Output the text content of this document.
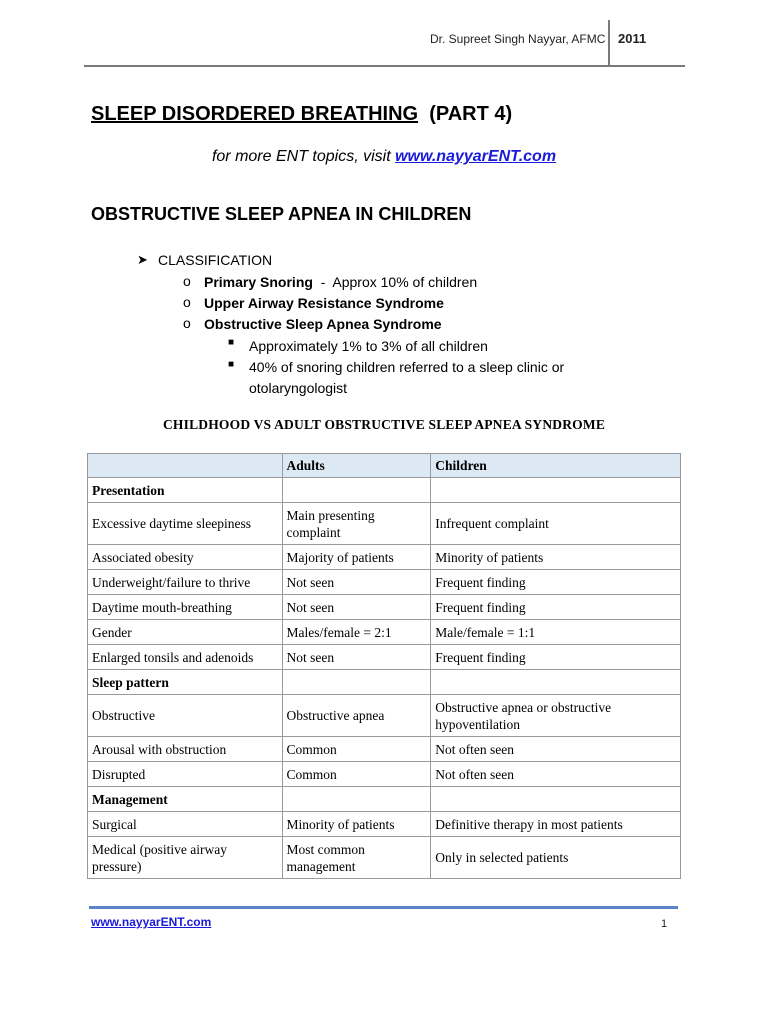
Dr. Supreet Singh Nayyar, AFMC 2011
SLEEP DISORDERED BREATHING (PART 4)
for more ENT topics, visit www.nayyarENT.com
OBSTRUCTIVE SLEEP APNEA IN CHILDREN
➤ CLASSIFICATION
o Primary Snoring  -  Approx 10% of children
o Upper Airway Resistance Syndrome
o Obstructive Sleep Apnea Syndrome
■ Approximately 1% to 3% of all children
■ 40% of snoring children referred to a sleep clinic or
otolaryngologist
CHILDHOOD VS ADULT OBSTRUCTIVE SLEEP APNEA SYNDROME
	Adults	Children
Presentation		
Excessive daytime sleepiness	Main presenting complaint	Infrequent complaint
Associated obesity	Majority of patients	Minority of patients
Underweight/failure to thrive	Not seen	Frequent finding
Daytime mouth-breathing	Not seen	Frequent finding
Gender	Males/female = 2:1	Male/female = 1:1
Enlarged tonsils and adenoids	Not seen	Frequent finding
Sleep pattern		
Obstructive	Obstructive apnea	Obstructive apnea or obstructive hypoventilation
Arousal with obstruction	Common	Not often seen
Disrupted	Common	Not often seen
Management		
Surgical	Minority of patients	Definitive therapy in most patients
Medical (positive airway pressure)	Most common management	Only in selected patients
www.nayyarENT.com	1
